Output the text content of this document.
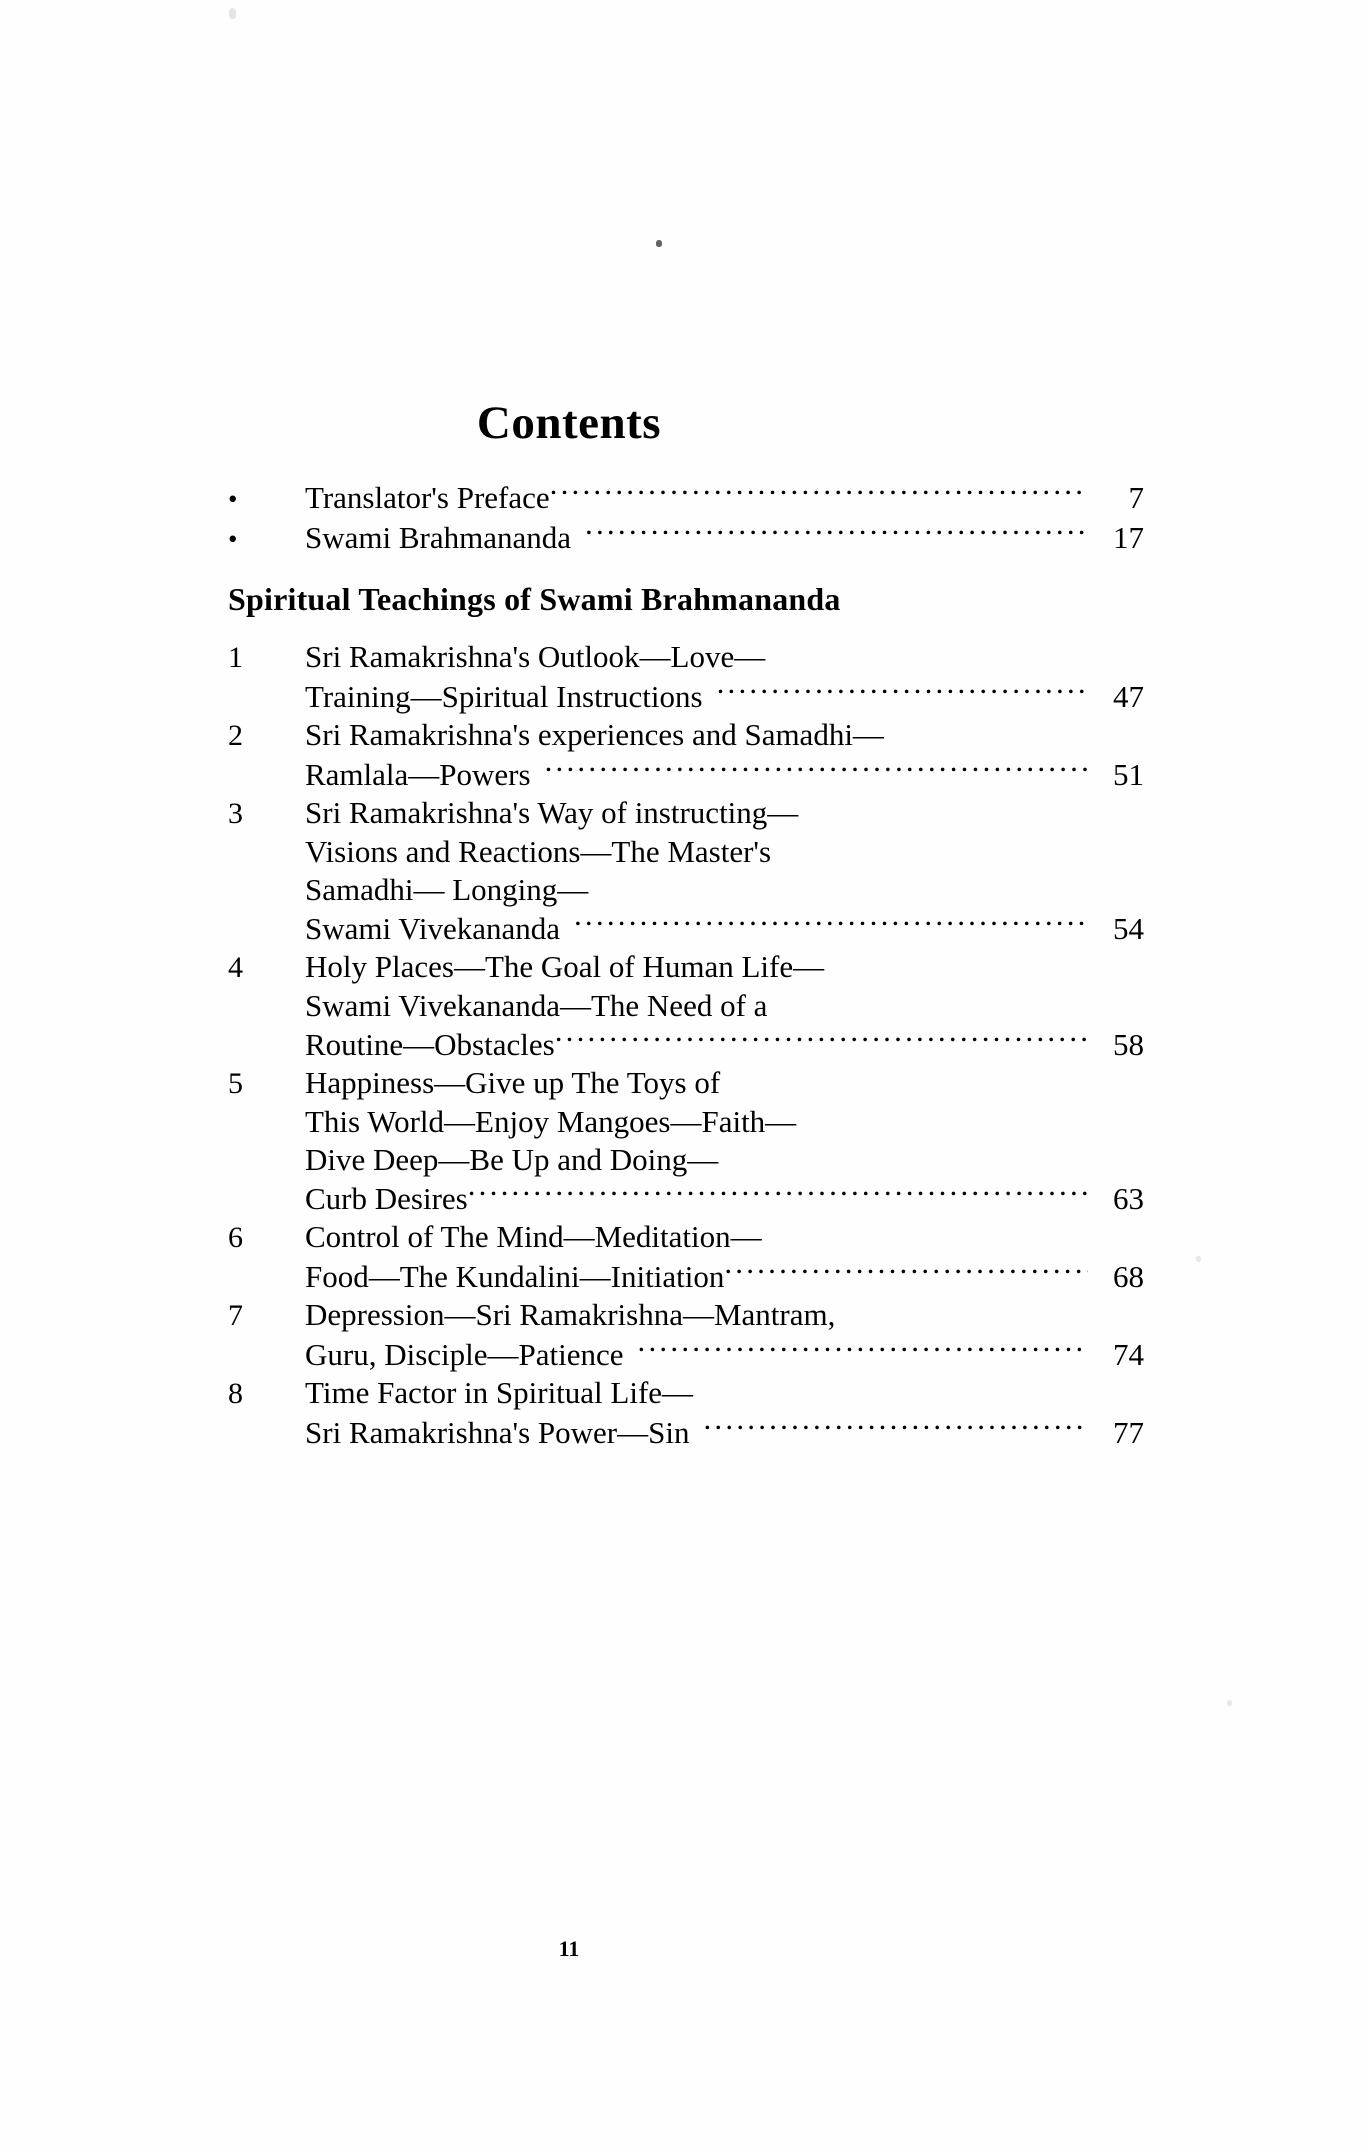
Contents
•	Translator's Preface .....	7
•	Swami Brahmananda .....	17
Spiritual Teachings of Swami Brahmananda
1	Sri Ramakrishna's Outlook—Love—
Training—Spiritual Instructions .....	47
2	Sri Ramakrishna's experiences and Samadhi—
Ramlala—Powers .....	51
3	Sri Ramakrishna's Way of instructing—
Visions and Reactions—The Master's
Samadhi— Longing—
Swami Vivekananda .....	54
4	Holy Places—The Goal of Human Life—
Swami Vivekananda—The Need of a
Routine—Obstacles .....	58
5	Happiness—Give up The Toys of
This World—Enjoy Mangoes—Faith—
Dive Deep—Be Up and Doing—
Curb Desires .....	63
6	Control of The Mind—Meditation—
Food—The Kundalini—Initiation .....	68
7	Depression—Sri Ramakrishna—Mantram,
Guru, Disciple—Patience .....	74
8	Time Factor in Spiritual Life—
Sri Ramakrishna's Power—Sin .....	77
11
